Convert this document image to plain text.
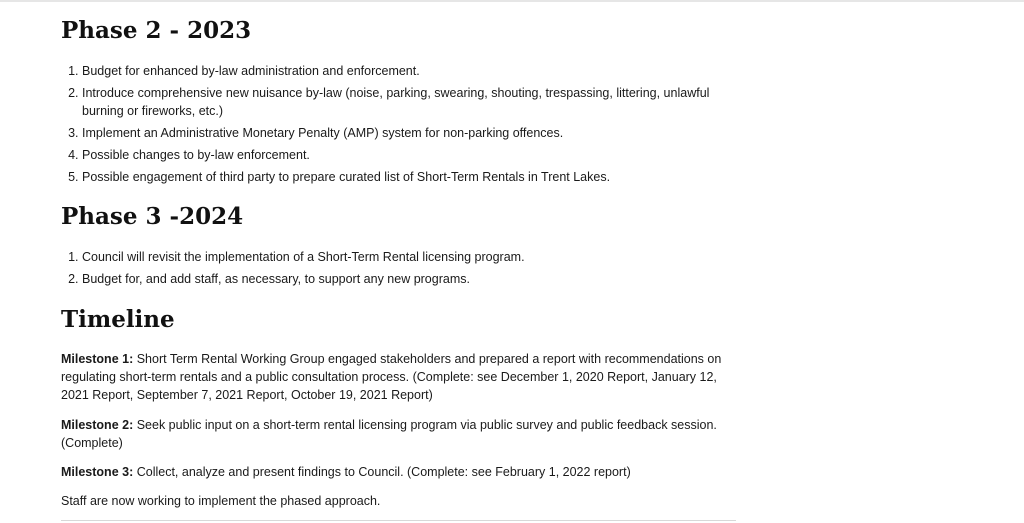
Phase 2 - 2023
1. Budget for enhanced by-law administration and enforcement.
2. Introduce comprehensive new nuisance by-law (noise, parking, swearing, shouting, trespassing, littering, unlawful burning or fireworks, etc.)
3. Implement an Administrative Monetary Penalty (AMP) system for non-parking offences.
4. Possible changes to by-law enforcement.
5. Possible engagement of third party to prepare curated list of Short-Term Rentals in Trent Lakes.
Phase 3 -2024
1. Council will revisit the implementation of a Short-Term Rental licensing program.
2. Budget for, and add staff, as necessary, to support any new programs.
Timeline

Milestone 1: Short Term Rental Working Group engaged stakeholders and prepared a report with recommendations on regulating short-term rentals and a public consultation process. (Complete: see December 1, 2020 Report, January 12, 2021 Report, September 7, 2021 Report, October 19, 2021 Report)

Milestone 2: Seek public input on a short-term rental licensing program via public survey and public feedback session. (Complete)

Milestone 3: Collect, analyze and present findings to Council. (Complete: see February 1, 2022 report)

Staff are now working to implement the phased approach.
